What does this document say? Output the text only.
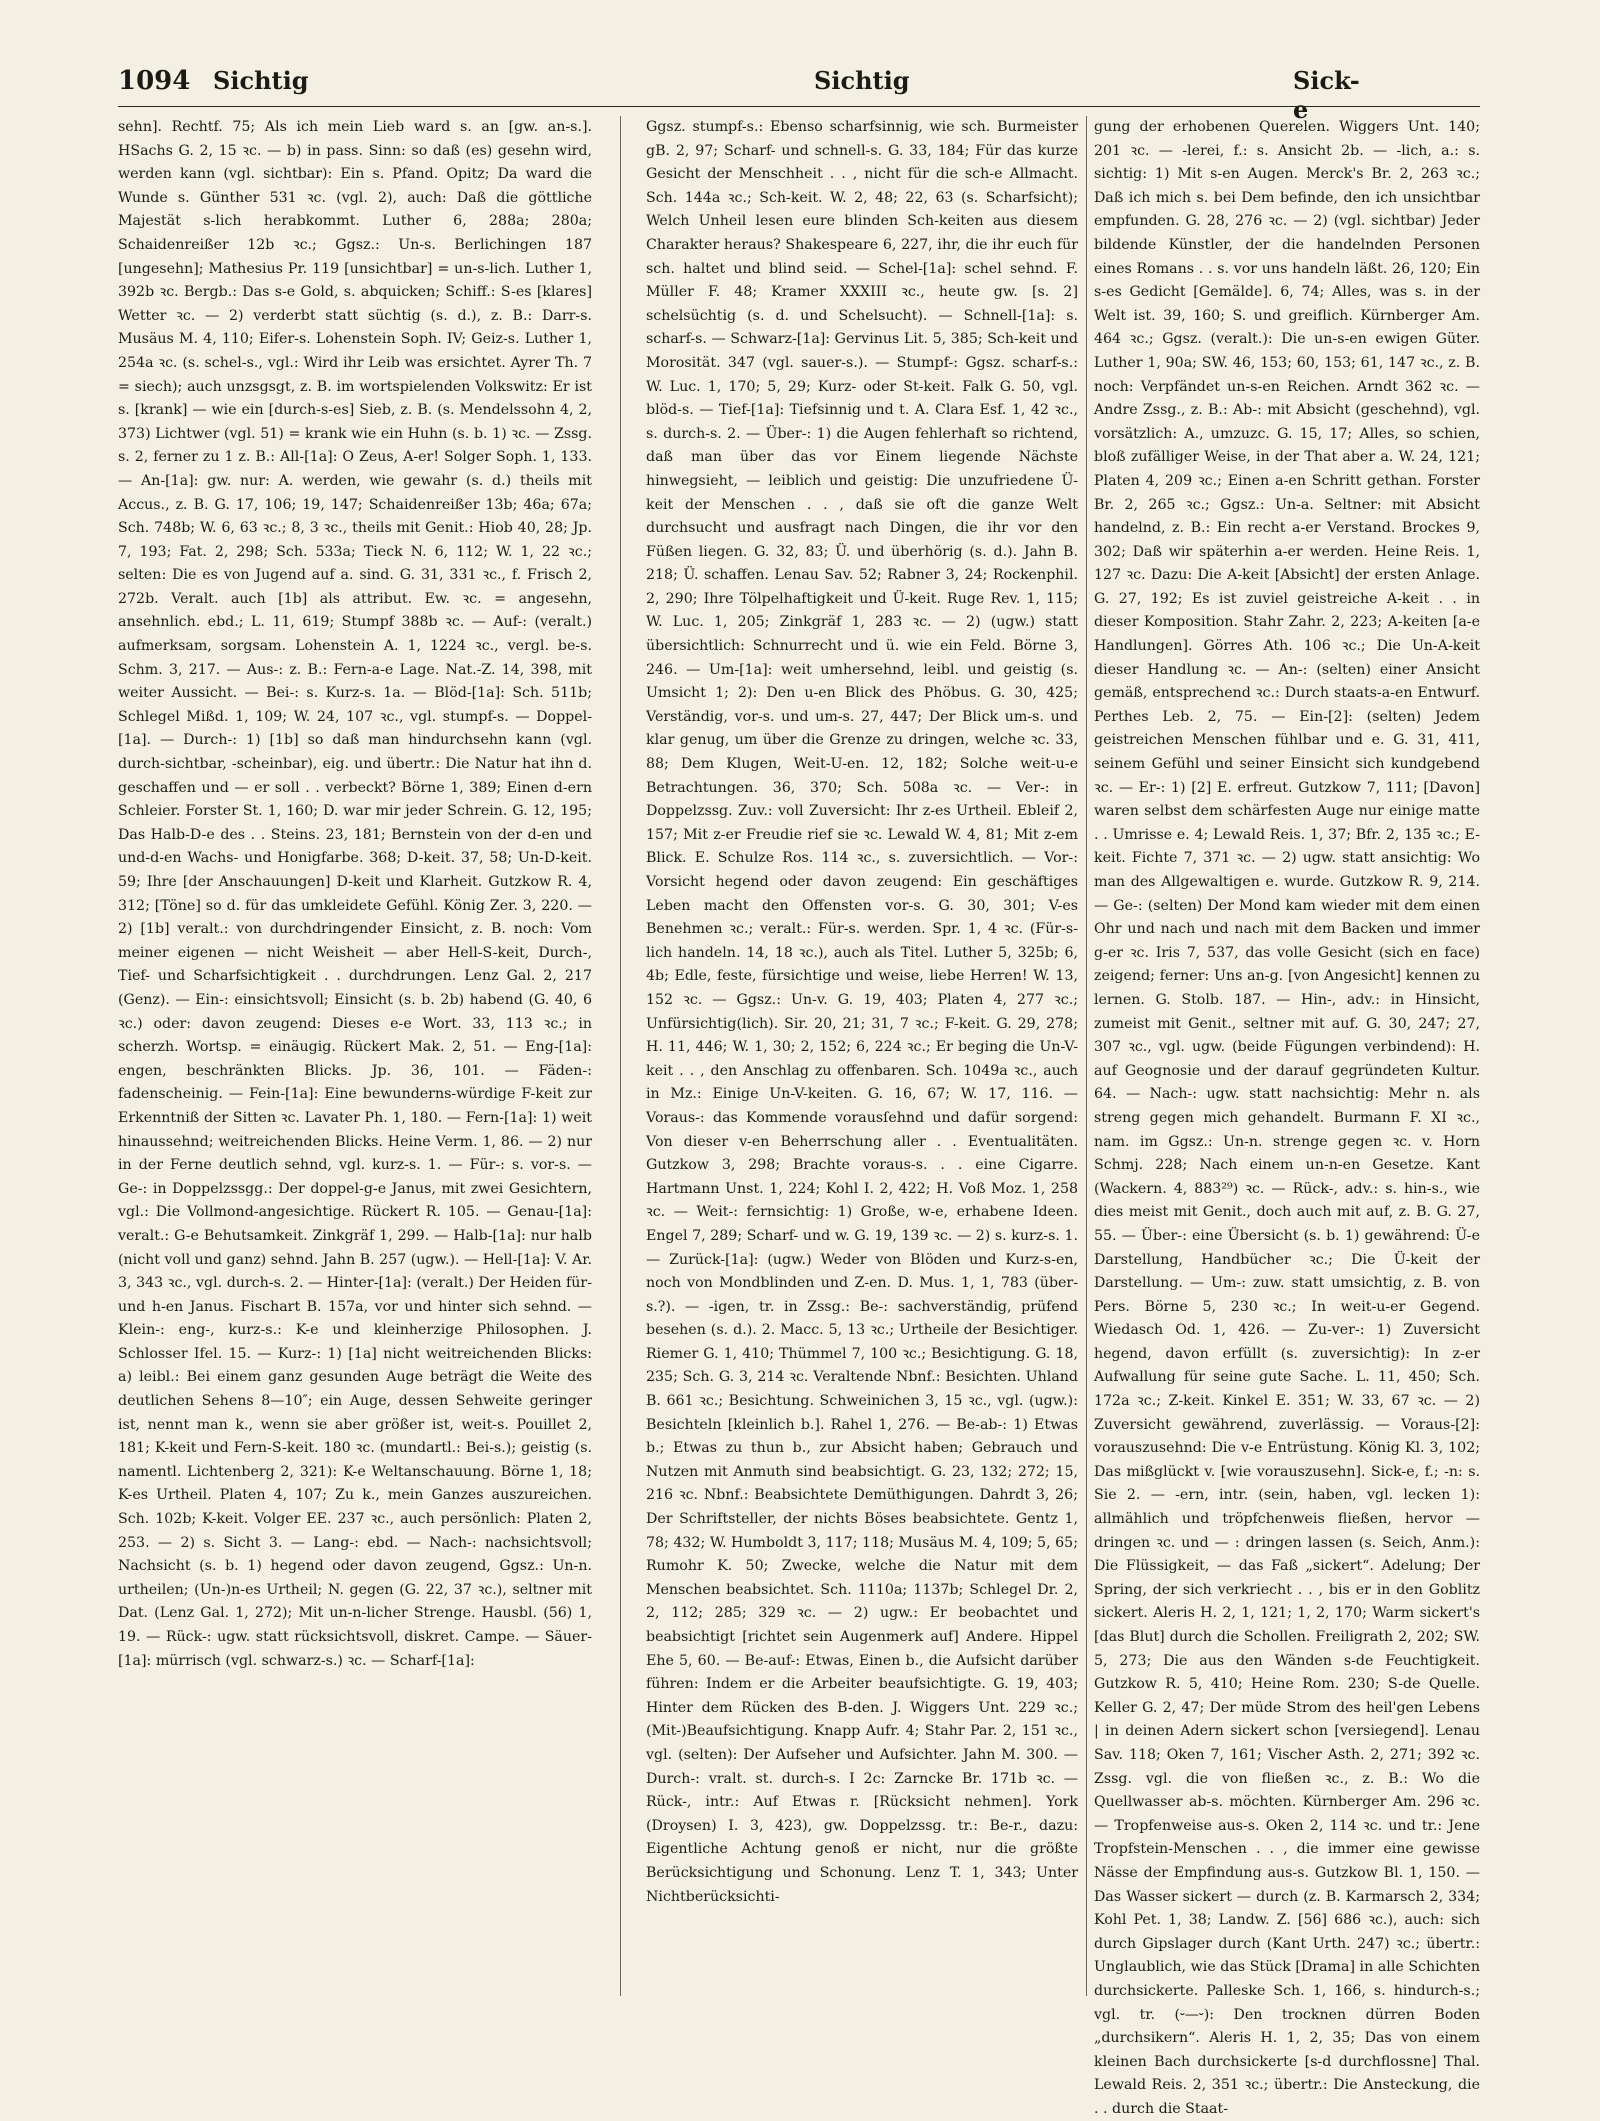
1094 Sichtig	Sichtig	Sick-e

sehn]. Rechtf. 75; Als ich mein Lieb ward s. an [gw. an-s.]. HSachs G. 2, 15 ꝛc. — b) in pass. Sinn: so daß (es) gesehn wird, werden kann (vgl. sichtbar): Ein s. Pfand. Opitz; Da ward die Wunde s. Günther 531 ꝛc. (vgl. 2), auch: Daß die göttliche Majestät s-lich herabkommt. Luther 6, 288a; 280a; Schaidenreißer 12b ꝛc.; Ggsz.: Un-s. Berlichingen 187 [ungesehn]; Mathesius Pr. 119 [unsichtbar] = un-s-lich. Luther 1, 392b ꝛc. Bergb.: Das s-e Gold, s. abquicken; Schiff.: S-es [klares] Wetter ꝛc. — 2) verderbt statt süchtig (s. d.), z. B.: Darr-s. Musäus M. 4, 110; Eifer-s. Lohenstein Soph. IV; Geiz-s. Luther 1, 254a ꝛc. (s. schel-s., vgl.: Wird ihr Leib was ersichtet. Ayrer Th. 7 = siech); auch unzsgsgt, z. B. im wortspielenden Volkswitz: Er ist s. [krank] — wie ein [durch-s-es] Sieb, z. B. (s. Mendelssohn 4, 2, 373) Lichtwer (vgl. 51) = krank wie ein Huhn (s. b. 1) ꝛc. — Zssg. s. 2, ferner zu 1 z. B.: All-[1a]: O Zeus, A-er! Solger Soph. 1, 133. — An-[1a]: gw. nur: A. werden, wie gewahr (s. d.) theils mit Accus., z. B. G. 17, 106; 19, 147; Schaidenreißer 13b; 46a; 67a; Sch. 748b; W. 6, 63 ꝛc.; 8, 3 ꝛc., theils mit Genit.: Hiob 40, 28; Jp. 7, 193; Fat. 2, 298; Sch. 533a; Tieck N. 6, 112; W. 1, 22 ꝛc.; selten: Die es von Jugend auf a. sind. G. 31, 331 ꝛc., f. Frisch 2, 272b. Veralt. auch [1b] als attribut. Ew. ꝛc. = angesehn, ansehnlich. ebd.; L. 11, 619; Stumpf 388b ꝛc. — Auf-: (veralt.) aufmerksam, sorgsam. Lohenstein A. 1, 1224 ꝛc., vergl. be-s. Schm. 3, 217. — Aus-: z. B.: Fern-a-e Lage. Nat.-Z. 14, 398, mit weiter Aussicht. — Bei-: s. Kurz-s. 1a. — Blöd-[1a]: Sch. 511b; Schlegel Mißd. 1, 109; W. 24, 107 ꝛc., vgl. stumpf-s. — Doppel-[1a]. — Durch-: 1) [1b] so daß man hindurchsehn kann (vgl. durch-sichtbar, -scheinbar), eig. und übertr.: Die Natur hat ihn d. geschaffen und — er soll . . verbeckt? Börne 1, 389; Einen d-ern Schleier. Forster St. 1, 160; D. war mir jeder Schrein. G. 12, 195; Das Halb-D-e des . . Steins. 23, 181; Bernstein von der d-en und und-d-en Wachs- und Honigfarbe. 368; D-keit. 37, 58; Un-D-keit. 59; Ihre [der Anschauungen] D-keit und Klarheit. Gutzkow R. 4, 312; [Töne] so d. für das umkleidete Gefühl. König Zer. 3, 220. — 2) [1b] veralt.: von durchdringender Einsicht, z. B. noch: Vom meiner eigenen — nicht Weisheit — aber Hell-S-keit, Durch-, Tief- und Scharfsichtigkeit . . durchdrungen. Lenz Gal. 2, 217 (Genz). — Ein-: einsichtsvoll; Einsicht (s. b. 2b) habend (G. 40, 6 ꝛc.) oder: davon zeugend: Dieses e-e Wort. 33, 113 ꝛc.; in scherzh. Wortsp. = einäugig. Rückert Mak. 2, 51. — Eng-[1a]: engen, beschränkten Blicks. Jp. 36, 101. — Fäden-: fadenscheinig. — Fein-[1a]: Eine bewunderns-würdige F-keit zur Erkenntniß der Sitten ꝛc. Lavater Ph. 1, 180. — Fern-[1a]: 1) weit hinaussehnd; weitreichenden Blicks. Heine Verm. 1, 86. — 2) nur in der Ferne deutlich sehnd, vgl. kurz-s. 1. — Für-: s. vor-s. — Ge-: in Doppelzssgg.: Der doppel-g-e Janus, mit zwei Gesichtern, vgl.: Die Vollmond-angesichtige. Rückert R. 105. — Genau-[1a]: veralt.: G-e Behutsamkeit. Zinkgräf 1, 299. — Halb-[1a]: nur halb (nicht voll und ganz) sehnd. Jahn B. 257 (ugw.). — Hell-[1a]: V. Ar. 3, 343 ꝛc., vgl. durch-s. 2. — Hinter-[1a]: (veralt.) Der Heiden für- und h-en Janus. Fischart B. 157a, vor und hinter sich sehnd. — Klein-: eng-, kurz-s.: K-e und kleinherzige Philosophen. J. Schlosser Ifel. 15. — Kurz-: 1) [1a] nicht weitreichenden Blicks: a) leibl.: Bei einem ganz gesunden Auge beträgt die Weite des deutlichen Sehens 8—10″; ein Auge, dessen Sehweite geringer ist, nennt man k., wenn sie aber größer ist, weit-s. Pouillet 2, 181; K-keit und Fern-S-keit. 180 ꝛc. (mundartl.: Bei-s.); geistig (s. namentl. Lichtenberg 2, 321): K-e Weltanschauung. Börne 1, 18; K-es Urtheil. Platen 4, 107; Zu k., mein Ganzes auszureichen. Sch. 102b; K-keit. Volger EE. 237 ꝛc., auch persönlich: Platen 2, 253. — 2) s. Sicht 3. — Lang-: ebd. — Nach-: nachsichtsvoll; Nachsicht (s. b. 1) hegend oder davon zeugend, Ggsz.: Un-n. urtheilen; (Un-)n-es Urtheil; N. gegen (G. 22, 37 ꝛc.), seltner mit Dat. (Lenz Gal. 1, 272); Mit un-n-licher Strenge. Hausbl. (56) 1, 19. — Rück-: ugw. statt rücksichtsvoll, diskret. Campe. — Säuer-[1a]: mürrisch (vgl. schwarz-s.) ꝛc. — Scharf-[1a]:

Ggsz. stumpf-s.: Ebenso scharfsinnig, wie sch. Burmeister gB. 2, 97; Scharf- und schnell-s. G. 33, 184; Für das kurze Gesicht der Menschheit . . , nicht für die sch-e Allmacht. Sch. 144a ꝛc.; Sch-keit. W. 2, 48; 22, 63 (s. Scharfsicht); Welch Unheil lesen eure blinden Sch-keiten aus diesem Charakter heraus? Shakespeare 6, 227, ihr, die ihr euch für sch. haltet und blind seid. — Schel-[1a]: schel sehnd. F. Müller F. 48; Kramer XXXIII ꝛc., heute gw. [s. 2] schelsüchtig (s. d. und Schelsucht). — Schnell-[1a]: s. scharf-s. — Schwarz-[1a]: Gervinus Lit. 5, 385; Sch-keit und Morosität. 347 (vgl. sauer-s.). — Stumpf-: Ggsz. scharf-s.: W. Luc. 1, 170; 5, 29; Kurz- oder St-keit. Falk G. 50, vgl. blöd-s. — Tief-[1a]: Tiefsinnig und t. A. Clara Esf. 1, 42 ꝛc., s. durch-s. 2. — Über-: 1) die Augen fehlerhaft so richtend, daß man über das vor Einem liegende Nächste hinwegsieht, — leiblich und geistig: Die unzufriedene Ü-keit der Menschen . . , daß sie oft die ganze Welt durchsucht und ausfragt nach Dingen, die ihr vor den Füßen liegen. G. 32, 83; Ü. und überhörig (s. d.). Jahn B. 218; Ü. schaffen. Lenau Sav. 52; Rabner 3, 24; Rockenphil. 2, 290; Ihre Tölpelhaftigkeit und Ü-keit. Ruge Rev. 1, 115; W. Luc. 1, 205; Zinkgräf 1, 283 ꝛc. — 2) (ugw.) statt übersichtlich: Schnurrecht und ü. wie ein Feld. Börne 3, 246. — Um-[1a]: weit umhersehnd, leibl. und geistig (s. Umsicht 1; 2): Den u-en Blick des Phöbus. G. 30, 425; Verständig, vor-s. und um-s. 27, 447; Der Blick um-s. und klar genug, um über die Grenze zu dringen, welche ꝛc. 33, 88; Dem Klugen, Weit-U-en. 12, 182; Solche weit-u-e Betrachtungen. 36, 370; Sch. 508a ꝛc. — Ver-: in Doppelzssg. Zuv.: voll Zuversicht: Ihr z-es Urtheil. Ebleif 2, 157; Mit z-er Freudie rief sie ꝛc. Lewald W. 4, 81; Mit z-em Blick. E. Schulze Ros. 114 ꝛc., s. zuversichtlich. — Vor-: Vorsicht hegend oder davon zeugend: Ein geschäftiges Leben macht den Offensten vor-s. G. 30, 301; V-es Benehmen ꝛc.; veralt.: Für-s. werden. Spr. 1, 4 ꝛc. (Für-s-lich handeln. 14, 18 ꝛc.), auch als Titel. Luther 5, 325b; 6, 4b; Edle, feste, fürsichtige und weise, liebe Herren! W. 13, 152 ꝛc. — Ggsz.: Un-v. G. 19, 403; Platen 4, 277 ꝛc.; Unfürsichtig(lich). Sir. 20, 21; 31, 7 ꝛc.; F-keit. G. 29, 278; H. 11, 446; W. 1, 30; 2, 152; 6, 224 ꝛc.; Er beging die Un-V-keit . . , den Anschlag zu offenbaren. Sch. 1049a ꝛc., auch in Mz.: Einige Un-V-keiten. G. 16, 67; W. 17, 116. — Voraus-: das Kommende vorausſehnd und dafür sorgend: Von dieser v-en Beherrschung aller . . Eventualitäten. Gutzkow 3, 298; Brachte voraus-s. . . eine Cigarre. Hartmann Unst. 1, 224; Kohl I. 2, 422; H. Voß Moz. 1, 258 ꝛc. — Weit-: fernsichtig: 1) Große, w-e, erhabene Ideen. Engel 7, 289; Scharf- und w. G. 19, 139 ꝛc. — 2) s. kurz-s. 1. — Zurück-[1a]: (ugw.) Weder von Blöden und Kurz-s-en, noch von Mondblinden und Z-en. D. Mus. 1, 1, 783 (über-s.?). — -igen, tr. in Zssg.: Be-: sachverständig, prüfend besehen (s. d.). 2. Macc. 5, 13 ꝛc.; Urtheile der Besichtiger. Riemer G. 1, 410; Thümmel 7, 100 ꝛc.; Besichtigung. G. 18, 235; Sch. G. 3, 214 ꝛc. Veraltende Nbnf.: Besichten. Uhland B. 661 ꝛc.; Besichtung. Schweinichen 3, 15 ꝛc., vgl. (ugw.): Besichteln [kleinlich b.]. Rahel 1, 276. — Be-ab-: 1) Etwas b.; Etwas zu thun b., zur Absicht haben; Gebrauch und Nutzen mit Anmuth sind beabsichtigt. G. 23, 132; 272; 15, 216 ꝛc. Nbnf.: Beabsichtete Demüthigungen. Dahrdt 3, 26; Der Schriftsteller, der nichts Böses beabsichtete. Gentz 1, 78; 432; W. Humboldt 3, 117; 118; Musäus M. 4, 109; 5, 65; Rumohr K. 50; Zwecke, welche die Natur mit dem Menschen beabsichtet. Sch. 1110a; 1137b; Schlegel Dr. 2, 2, 112; 285; 329 ꝛc. — 2) ugw.: Er beobachtet und beabsichtigt [richtet sein Augenmerk auf] Andere. Hippel Ehe 5, 60. — Be-auf-: Etwas, Einen b., die Aufsicht darüber führen: Indem er die Arbeiter beaufsichtigte. G. 19, 403; Hinter dem Rücken des B-den. J. Wiggers Unt. 229 ꝛc.; (Mit-)Beaufsichtigung. Knapp Aufr. 4; Stahr Par. 2, 151 ꝛc., vgl. (selten): Der Aufseher und Aufsichter. Jahn M. 300. — Durch-: vralt. st. durch-s. I 2c: Zarncke Br. 171b ꝛc. — Rück-, intr.: Auf Etwas r. [Rücksicht nehmen]. York (Droysen) I. 3, 423), gw. Doppelzssg. tr.: Be-r., dazu: Eigentliche Achtung genoß er nicht, nur die größte Berücksichtigung und Schonung. Lenz T. 1, 343; Unter Nichtberücksichti-

gung der erhobenen Querelen. Wiggers Unt. 140; 201 ꝛc. — -lerei, f.: s. Ansicht 2b. — -lich, a.: s. sichtig: 1) Mit s-en Augen. Merck's Br. 2, 263 ꝛc.; Daß ich mich s. bei Dem befinde, den ich unsichtbar empfunden. G. 28, 276 ꝛc. — 2) (vgl. sichtbar) Jeder bildende Künstler, der die handelnden Personen eines Romans . . s. vor uns handeln läßt. 26, 120; Ein s-es Gedicht [Gemälde]. 6, 74; Alles, was s. in der Welt ist. 39, 160; S. und greiflich. Kürnberger Am. 464 ꝛc.; Ggsz. (veralt.): Die un-s-en ewigen Güter. Luther 1, 90a; SW. 46, 153; 60, 153; 61, 147 ꝛc., z. B. noch: Verpfändet un-s-en Reichen. Arndt 362 ꝛc. — Andre Zssg., z. B.: Ab-: mit Absicht (geschehnd), vgl. vorsätzlich: A., umzuzc. G. 15, 17; Alles, so schien, bloß zufälliger Weise, in der That aber a. W. 24, 121; Platen 4, 209 ꝛc.; Einen a-en Schritt gethan. Forster Br. 2, 265 ꝛc.; Ggsz.: Un-a. Seltner: mit Absicht handelnd, z. B.: Ein recht a-er Verstand. Brockes 9, 302; Daß wir späterhin a-er werden. Heine Reis. 1, 127 ꝛc. Dazu: Die A-keit [Absicht] der ersten Anlage. G. 27, 192; Es ist zuviel geistreiche A-keit . . in dieser Komposition. Stahr Zahr. 2, 223; A-keiten [a-e Handlungen]. Görres Ath. 106 ꝛc.; Die Un-A-keit dieser Handlung ꝛc. — An-: (selten) einer Ansicht gemäß, entsprechend ꝛc.: Durch staats-a-en Entwurf. Perthes Leb. 2, 75. — Ein-[2]: (selten) Jedem geistreichen Menschen fühlbar und e. G. 31, 411, seinem Gefühl und seiner Einsicht sich kundgebend ꝛc. — Er-: 1) [2] E. erfreut. Gutzkow 7, 111; [Davon] waren selbst dem schärfesten Auge nur einige matte . . Umrisse e. 4; Lewald Reis. 1, 37; Bfr. 2, 135 ꝛc.; E-keit. Fichte 7, 371 ꝛc. — 2) ugw. statt ansichtig: Wo man des Allgewaltigen e. wurde. Gutzkow R. 9, 214. — Ge-: (selten) Der Mond kam wieder mit dem einen Ohr und nach und nach mit dem Backen und immer g-er ꝛc. Iris 7, 537, das volle Gesicht (sich en face) zeigend; ferner: Uns an-g. [von Angesicht] kennen zu lernen. G. Stolb. 187. — Hin-, adv.: in Hinsicht, zumeist mit Genit., seltner mit auf. G. 30, 247; 27, 307 ꝛc., vgl. ugw. (beide Fügungen verbindend): H. auf Geognosie und der darauf gegründeten Kultur. 64. — Nach-: ugw. statt nachsichtig: Mehr n. als streng gegen mich gehandelt. Burmann F. XI ꝛc., nam. im Ggsz.: Un-n. strenge gegen ꝛc. v. Horn Schmj. 228; Nach einem un-n-en Gesetze. Kant (Wackern. 4, 883²⁹) ꝛc. — Rück-, adv.: s. hin-s., wie dies meist mit Genit., doch auch mit auf, z. B. G. 27, 55. — Über-: eine Übersicht (s. b. 1) gewährend: Ü-e Darstellung, Handbücher ꝛc.; Die Ü-keit der Darstellung. — Um-: zuw. statt umsichtig, z. B. von Pers. Börne 5, 230 ꝛc.; In weit-u-er Gegend. Wiedasch Od. 1, 426. — Zu-ver-: 1) Zuversicht hegend, davon erfüllt (s. zuversichtig): In z-er Aufwallung für seine gute Sache. L. 11, 450; Sch. 172a ꝛc.; Z-keit. Kinkel E. 351; W. 33, 67 ꝛc. — 2) Zuversicht gewährend, zuverlässig. — Voraus-[2]: vorauszusehnd: Die v-e Entrüstung. König Kl. 3, 102; Das mißglückt v. [wie vorauszusehn]. Sick-e, f.; -n: s. Sie 2. — -ern, intr. (sein, haben, vgl. lecken 1): allmählich und tröpfchenweis fließen, hervor — dringen ꝛc. und — : dringen lassen (s. Seich, Anm.): Die Flüssigkeit, — das Faß „sickert“. Adelung; Der Spring, der sich verkriecht . . , bis er in den Goblitz sickert. Aleris H. 2, 1, 121; 1, 2, 170; Warm sickert's [das Blut] durch die Schollen. Freiligrath 2, 202; SW. 5, 273; Die aus den Wänden s-de Feuchtigkeit. Gutzkow R. 5, 410; Heine Rom. 230; S-de Quelle. Keller G. 2, 47; Der müde Strom des heil'gen Lebens | in deinen Adern sickert schon [versiegend]. Lenau Sav. 118; Oken 7, 161; Vischer Asth. 2, 271; 392 ꝛc. Zssg. vgl. die von fließen ꝛc., z. B.: Wo die Quellwasser ab-s. möchten. Kürnberger Am. 296 ꝛc. — Tropfenweise aus-s. Oken 2, 114 ꝛc. und tr.: Jene Tropfstein-Menschen . . , die immer eine gewisse Nässe der Empfindung aus-s. Gutzkow Bl. 1, 150. — Das Wasser sickert — durch (z. B. Karmarsch 2, 334; Kohl Pet. 1, 38; Landw. Z. [56] 686 ꝛc.), auch: sich durch Gipslager durch (Kant Urth. 247) ꝛc.; übertr.: Unglaublich, wie das Stück [Drama] in alle Schichten durchsickerte. Palleske Sch. 1, 166, s. hindurch-s.; vgl. tr. (⏑—⏑): Den trocknen dürren Boden „durchsikern“. Aleris H. 1, 2, 35; Das von einem kleinen Bach durchsickerte [s-d durchflossne] Thal. Lewald Reis. 2, 351 ꝛc.; übertr.: Die Ansteckung, die . . durch die Staat-
